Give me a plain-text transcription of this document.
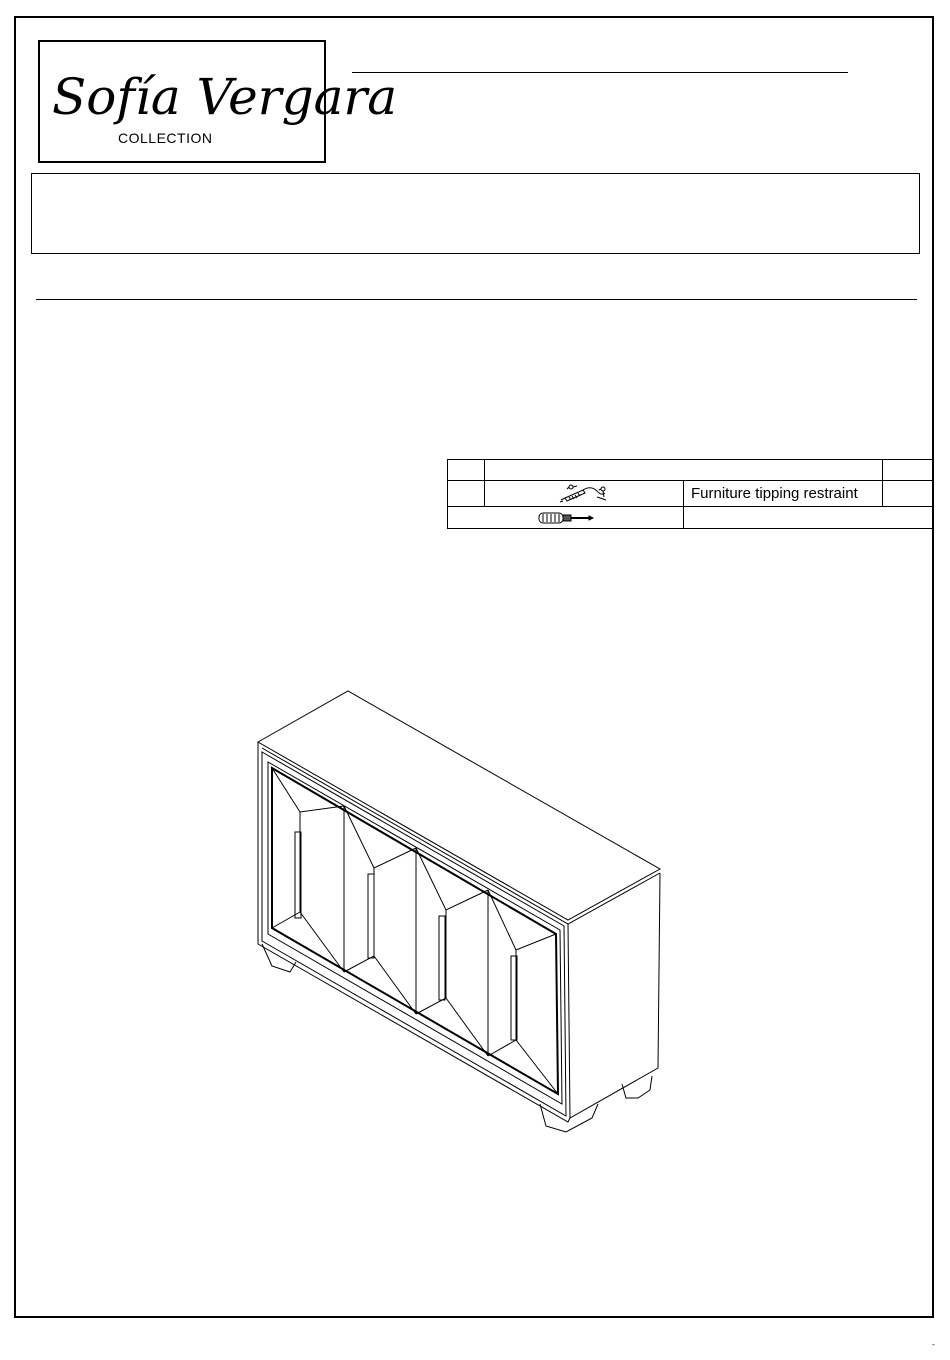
Sofía Vergara
COLLECTION

	Furniture tipping restraint	

-
